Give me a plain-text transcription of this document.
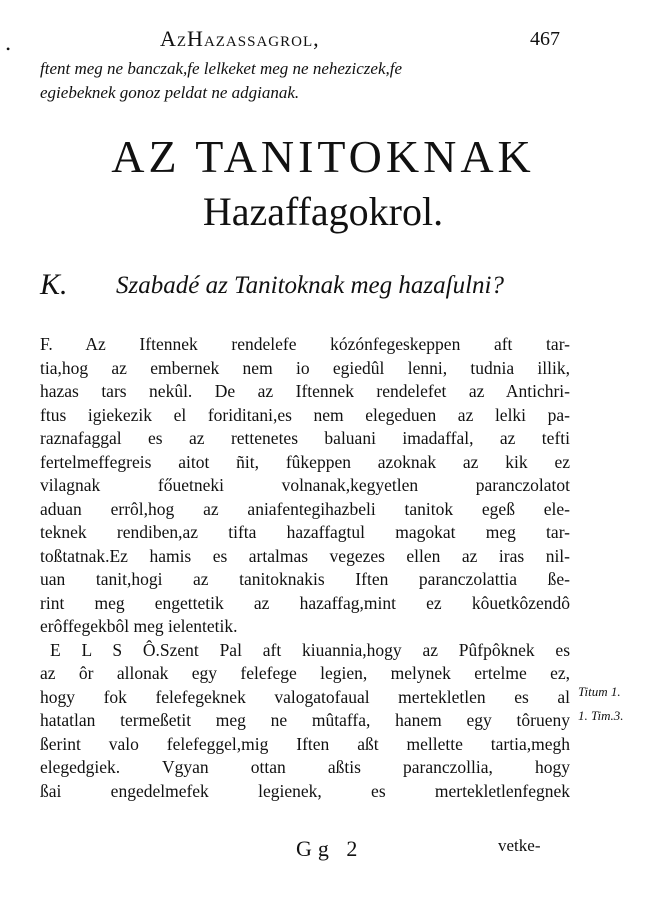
•	AzHazassagrol,	467
ftent meg ne banczak,fe lelkeket meg ne neheziczek,fe
egiebeknek gonoz peldat ne adgianak.
AZ TANITOKNAK
Hazaffagokrol.
K. Szabadé az Tanitoknak meg hazaſulni?
F. Az Iftennek rendelefe kózónfegeskeppen aft tar-
tia,hog az embernek nem io egiedûl lenni, tudnia illik,
hazas tars nekûl. De az Iftennek rendelefet az Antichri-
ftus igiekezik el foriditani,es nem elegeduen az lelki pa-
raznafaggal es az rettenetes baluani imadaffal, az tefti
fertelmeffegreis aitot ñit, fûkeppen azoknak az kik ez
vilagnak főuetneki volnanak,kegyetlen paranczolatot
aduan errôl,hog az aniafentegihazbeli tanitok egeß ele-
teknek rendiben,az tifta hazaffagtul magokat meg tar-
toßtatnak.Ez hamis es artalmas vegezes ellen az iras nil-
uan tanit,hogi az tanitoknakis Iften paranczolattia ße-
rint meg engettetik az hazaffag,mint ez kôuetkôzendô
erôffegekbôl meg ielentetik.
E L S Ô.Szent Pal aft kiuannia,hogy az Pûfpôknek es
az ôr allonak egy felefege legien, melynek ertelme ez,
hogy fok felefegeknek valogatofaual mertekletlen es al
hatatlan termeßetit meg ne mûtaffa, hanem egy tôrueny
ßerint valo felefeggel,mig Iften aßt mellette tartia,megh
elegedgiek. Vgyan ottan aßtis paranczollia, hogy
ßai engedelmefek legienek, es mertekletlenfegnek
Titum 1.
1. Tim.3.
Gg 2	vetke-
